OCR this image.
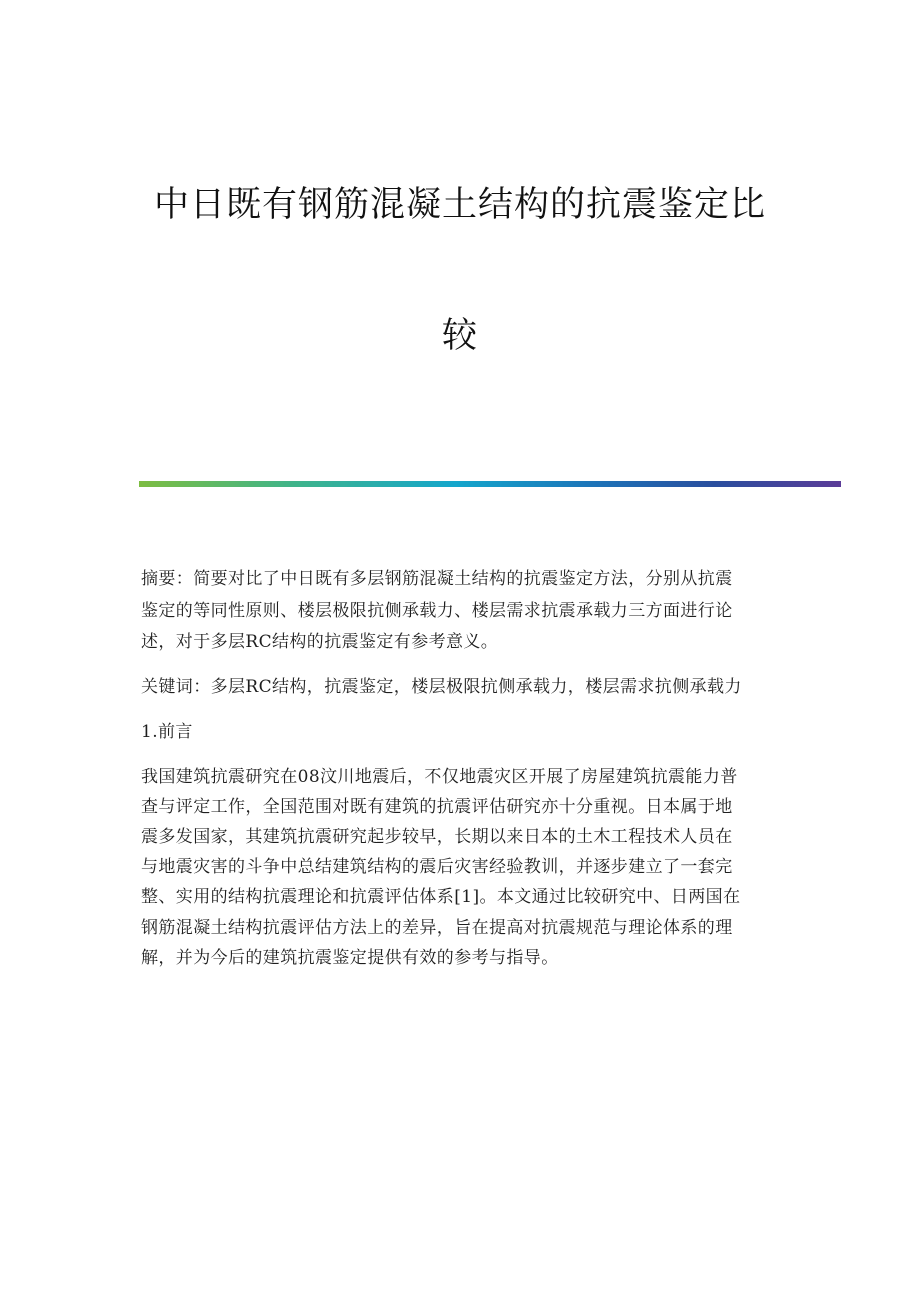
中日既有钢筋混凝土结构的抗震鉴定比
较

摘要：简要对比了中日既有多层钢筋混凝土结构的抗震鉴定方法，分别从抗震
鉴定的等同性原则、楼层极限抗侧承载力、楼层需求抗震承载力三方面进行论
述，对于多层RC结构的抗震鉴定有参考意义。

关键词：多层RC结构，抗震鉴定，楼层极限抗侧承载力，楼层需求抗侧承载力

1.前言

我国建筑抗震研究在08汶川地震后，不仅地震灾区开展了房屋建筑抗震能力普
查与评定工作，全国范围对既有建筑的抗震评估研究亦十分重视。日本属于地
震多发国家，其建筑抗震研究起步较早，长期以来日本的土木工程技术人员在
与地震灾害的斗争中总结建筑结构的震后灾害经验教训，并逐步建立了一套完
整、实用的结构抗震理论和抗震评估体系[1]。本文通过比较研究中、日两国在
钢筋混凝土结构抗震评估方法上的差异，旨在提高对抗震规范与理论体系的理
解，并为今后的建筑抗震鉴定提供有效的参考与指导。
